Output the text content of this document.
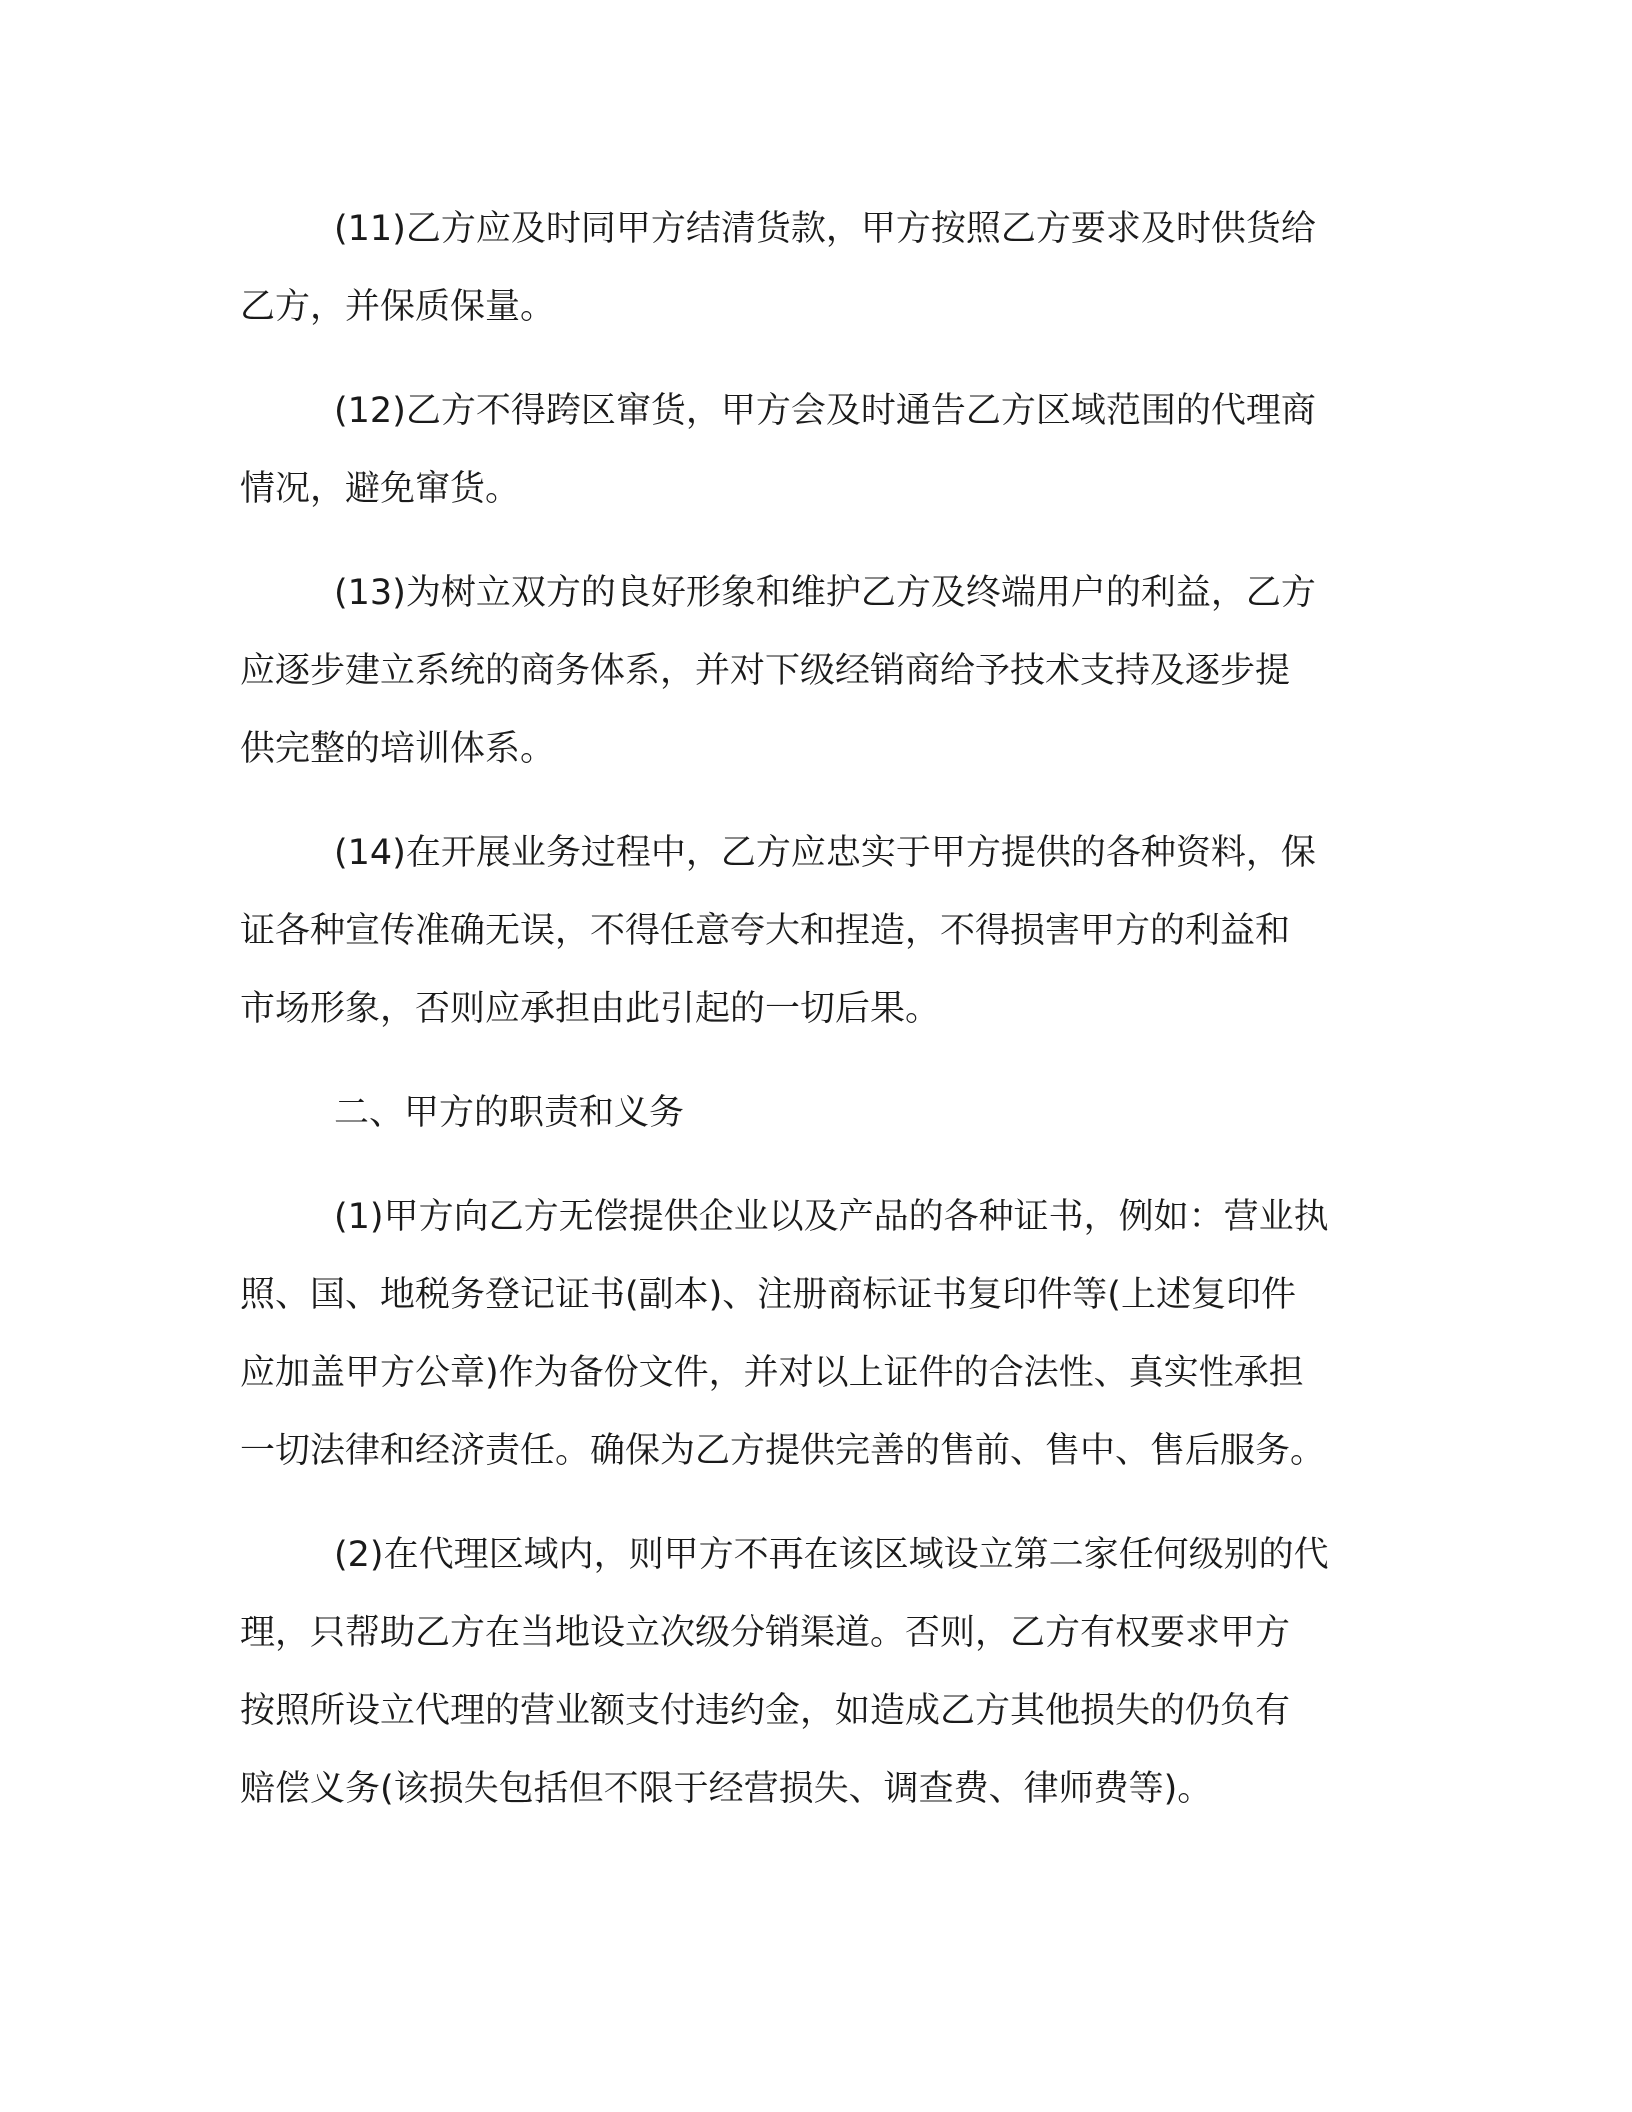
(11)乙方应及时同甲方结清货款，甲方按照乙方要求及时供货给
乙方，并保质保量。
(12)乙方不得跨区窜货，甲方会及时通告乙方区域范围的代理商
情况，避免窜货。
(13)为树立双方的良好形象和维护乙方及终端用户的利益，乙方
应逐步建立系统的商务体系，并对下级经销商给予技术支持及逐步提
供完整的培训体系。
(14)在开展业务过程中，乙方应忠实于甲方提供的各种资料，保
证各种宣传准确无误，不得任意夸大和捏造，不得损害甲方的利益和
市场形象，否则应承担由此引起的一切后果。
二、甲方的职责和义务
(1)甲方向乙方无偿提供企业以及产品的各种证书，例如：营业执
照、国、地税务登记证书(副本)、注册商标证书复印件等(上述复印件
应加盖甲方公章)作为备份文件，并对以上证件的合法性、真实性承担
一切法律和经济责任。确保为乙方提供完善的售前、售中、售后服务。
(2)在代理区域内，则甲方不再在该区域设立第二家任何级别的代
理，只帮助乙方在当地设立次级分销渠道。否则，乙方有权要求甲方
按照所设立代理的营业额支付违约金，如造成乙方其他损失的仍负有
赔偿义务(该损失包括但不限于经营损失、调查费、律师费等)。
